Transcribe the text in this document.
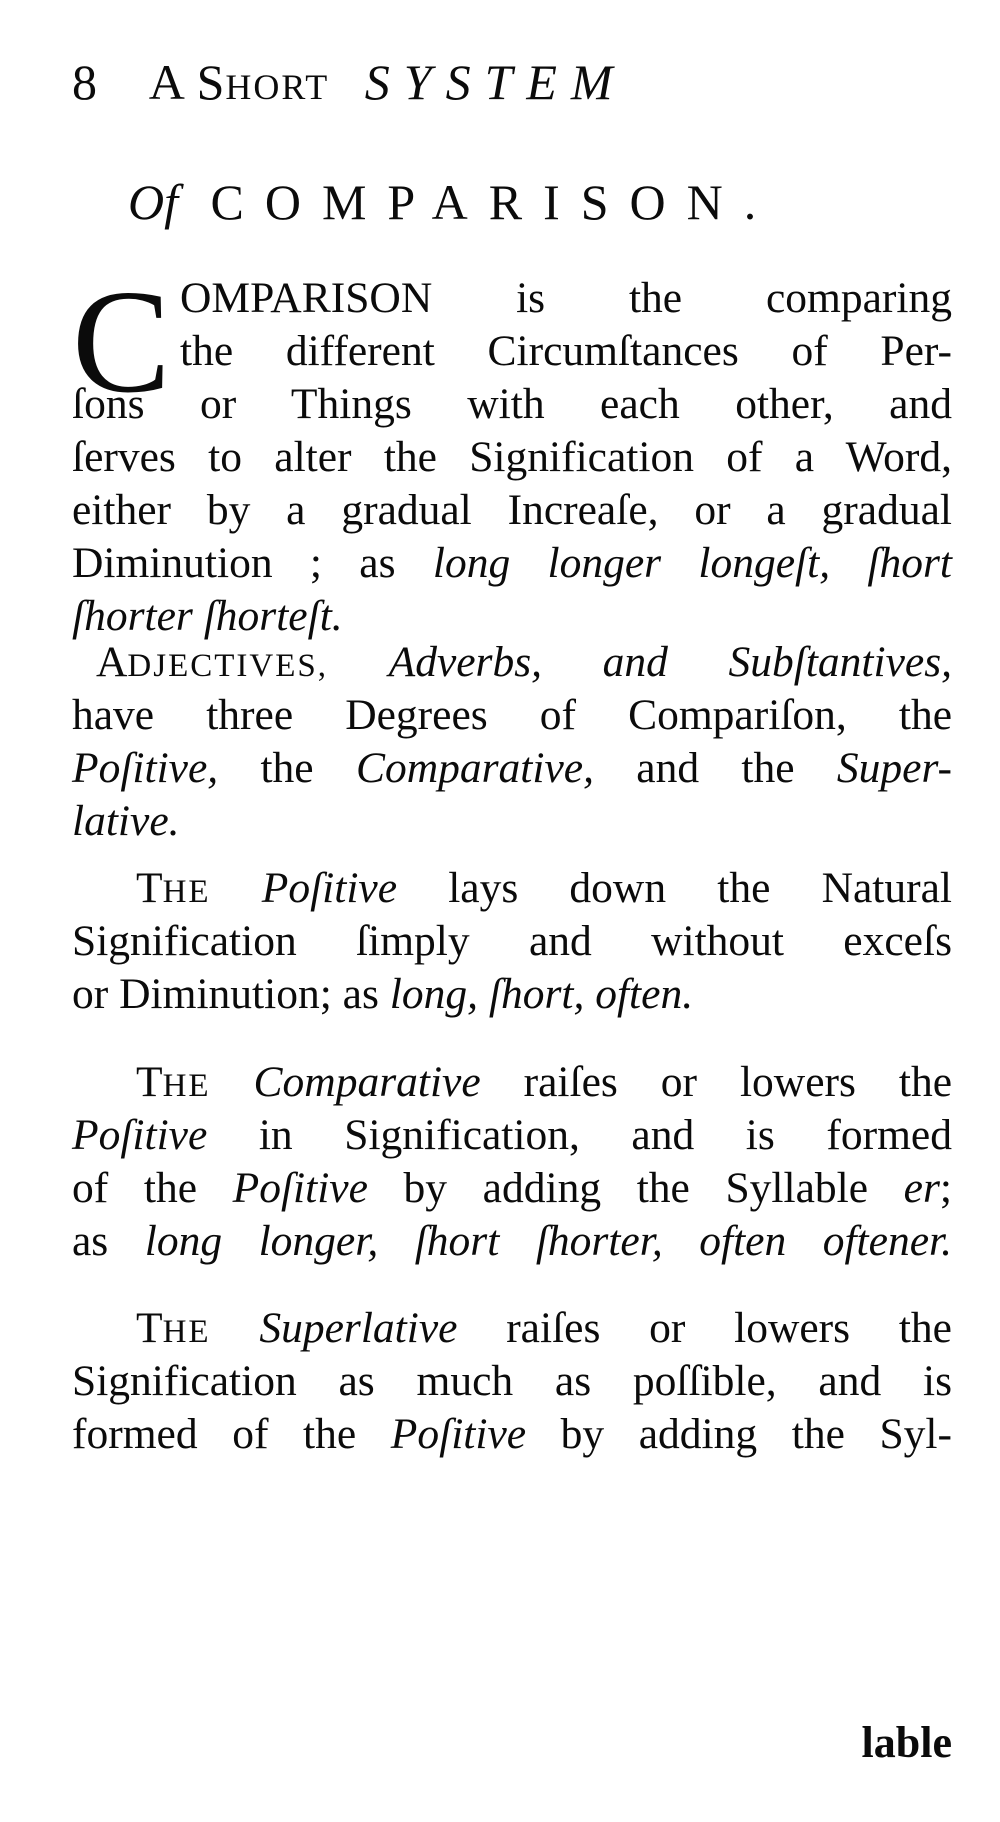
8 A SHORT SYSTEM
Of COMPARISON.
C OMPARISON is the comparing
the different Circumſtances of Per-
ſons or Things with each other, and
ſerves to alter the Signification of a Word,
either by a gradual Increaſe, or a gradual
Diminution ; as long longer longeſt, ſhort
ſhorter ſhorteſt.
ADJECTIVES, Adverbs, and Subſtantives,
have three Degrees of Compariſon, the
Poſitive, the Comparative, and the Super-
lative.
THE Poſitive lays down the Natural
Signification ſimply and without exceſs
or Diminution; as long, ſhort, often.
THE Comparative raiſes or lowers the
Poſitive in Signification, and is formed
of the Poſitive by adding the Syllable er;
as long longer, ſhort ſhorter, often oftener.
THE Superlative raiſes or lowers the
Signification as much as poſſible, and is
formed of the Poſitive by adding the Syl-
lable
